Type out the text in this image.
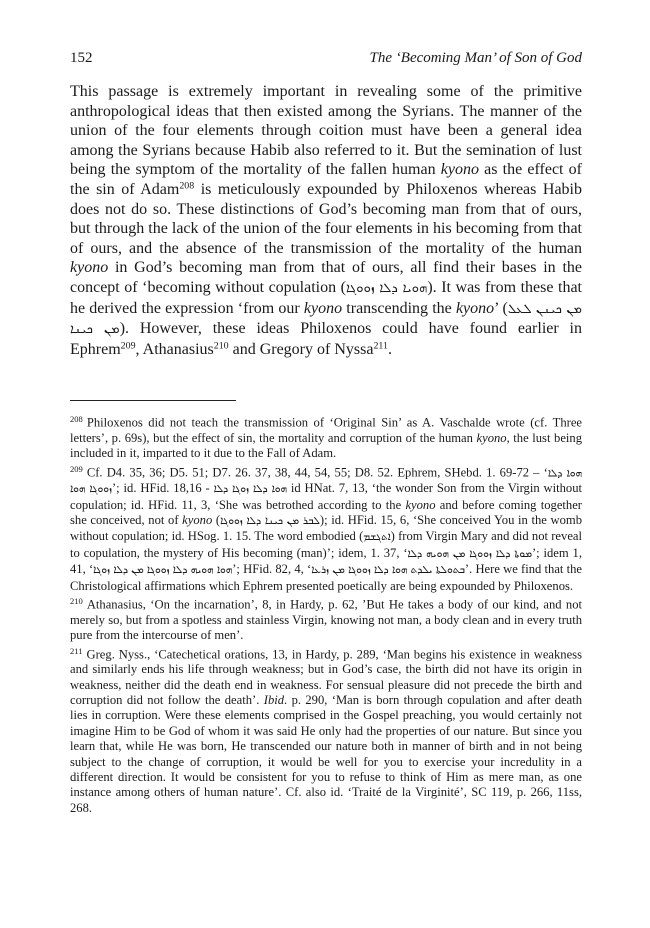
152	The ‘Becoming Man’ of Son of God

This passage is extremely important in revealing some of the primitive anthropological ideas that then existed among the Syrians. The manner of the union of the four elements through coition must have been a general idea among the Syrians because Habib also referred to it. But the semination of lust being the symptom of the mortality of the fallen human kyono as the effect of the sin of Adam$^{208}$ is meticulously expounded by Philoxenos whereas Habib does not do so. These distinctions of God’s becoming man from that of ours, but through the lack of the union of the four elements in his becoming from that of ours, and the absence of the transmission of the mortality of the human kyono in God’s becoming man from that of ours, all find their bases in the concept of ‘becoming without copulation (ܗܘܝܐ ܕܠܐ ܙܘܘܓܐ). It was from these that he derived the expression ‘from our kyono transcending the kyono’ (ܡܢ ܟܝܢܢ ܠܥܠ ܡܢ ܟܝܢܐ). However, these ideas Philoxenos could have found earlier in Ephrem$^{209}$, Athanasius$^{210}$ and Gregory of Nyssa$^{211}$.

$^{208}$ Philoxenos did not teach the transmission of ‘Original Sin’ as A. Vaschalde wrote (cf. Three letters’, p. 69s), but the effect of sin, the mortality and corruption of the human kyono, the lust being included in it, imparted to it due to the Fall of Adam.

$^{209}$ Cf. D4. 35, 36; D5. 51; D7. 26. 37, 38, 44, 54, 55; D8. 52. Ephrem, SHebd. 1. 69-72 – ‘ܗܘܐ ܕܠܐ ܙܘܘܓܐ ܗܘܐ’; id. HFid. 18,16 - ܗܘܐ ܕܠܐ ܙܘܓܐ ܕܠܐ id HNat. 7, 13, ‘the wonder Son from the Virgin without copulation; id. HFid. 11, 3, ‘She was betrothed according to the kyono and before coming together she conceived, not of kyono (ܠܒܪ ܡܢ ܟܝܢܐ ܕܠܐ ܙܘܘܓܐ); id. HFid. 15, 6, ‘She conceived You in the womb without copulation; id. HSog. 1. 15. The word embodied (ܐܬܓܫܡ) from Virgin Mary and did not reveal to copulation, the mystery of His becoming (man)’; idem, 1. 37, ‘ܡܘܬܐ ܕܠܐ ܙܘܘܓܐ ܡܢ ܗܘܝܗ ܕܠܐ’; idem 1, 41, ‘ܡܢ ܕܠܐ ܙܘܓܐ ܗܘܐ ܗܘܝܗ ܕܠܐ ܙܘܘܓܐ’; HFid. 82, 4, ‘ܒܬܘܠܬܐ ܝܠܕܬ ܗܘܐ ܕܠܐ ܙܘܘܓܐ ܡܢ ܙܪܥܐ’. Here we find that the Christological affirmations which Ephrem presented poetically are being expounded by Philoxenos.

$^{210}$ Athanasius, ‘On the incarnation’, 8, in Hardy, p. 62, ’But He takes a body of our kind, and not merely so, but from a spotless and stainless Virgin, knowing not man, a body clean and in every truth pure from the intercourse of men’.

$^{211}$ Greg. Nyss., ‘Catechetical orations, 13, in Hardy, p. 289, ‘Man begins his existence in weakness and similarly ends his life through weakness; but in God’s case, the birth did not have its origin in weakness, neither did the death end in weakness. For sensual pleasure did not precede the birth and corruption did not follow the death’. Ibid. p. 290, ‘Man is born through copulation and after death lies in corruption. Were these elements comprised in the Gospel preaching, you would certainly not imagine Him to be God of whom it was said He only had the properties of our nature. But since you learn that, while He was born, He transcended our nature both in manner of birth and in not being subject to the change of corruption, it would be well for you to exercise your incredulity in a different direction. It would be consistent for you to refuse to think of Him as mere man, as one instance among others of human nature’. Cf. also id. ‘Traité de la Virginité’, SC 119, p. 266, 11ss, 268.
